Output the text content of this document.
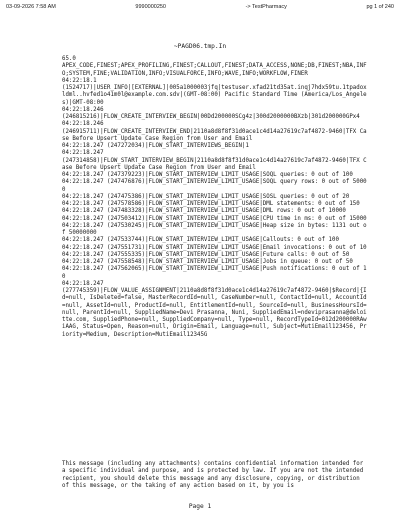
03-09-2026 7:58 AM	9990000250	-> TestPharmacy	pg 1 of 240
~PAGD06.tmp.In

65.0

APEX_CODE,FINEST;APEX_PROFILING,FINEST;CALLOUT,FINEST;DATA_ACCESS,NONE;DB,FINEST;NBA,INFO;SYSTEM,FINE;VALIDATION,INFO;VISUALFORCE,INFO;WAVE,INFO;WORKFLOW,FINER

04:22:18.1

(1524717)|USER_INFO|[EXTERNAL]|005a1000003jfq|testuser.xfad21td35at.inqj7hdx59tu.1tpadoxldml..hvfed1o41m0l@example.com.sdv|(GMT-08:00) Pacific Standard Time (America/Los_Angeles)|GMT-08:00

04:22:18.246

(246815216)|FLOW_CREATE_INTERVIEW_BEGIN|00Dd200000SCg4z|300d2000000BXzb|301d200000GPx4

04:22:18.246

(246915711)|FLOW_CREATE_INTERVIEW_END|2110a8d8f8f31d0ace1c4d14a27619c7af4872-9460|TFX Case Before Upsert Update Case Region from User and Email

04:22:18.247 (247272034)|FLOW_START_INTERVIEWS_BEGIN|1

04:22:18.247

(247314858)|FLOW_START_INTERVIEW_BEGIN|2110a8d8f8f31d0ace1c4d14a27619c7af4872-9460|TFX Case Before Upsert Update Case Region from User and Email

04:22:18.247 (247379223)|FLOW_START_INTERVIEW_LIMIT_USAGE|SOQL queries: 0 out of 100

04:22:18.247 (247476876)|FLOW_START_INTERVIEW_LIMIT_USAGE|SOQL query rows: 0 out of 50000

04:22:18.247 (247475386)|FLOW_START_INTERVIEW_LIMIT_USAGE|SOSL queries: 0 out of 20

04:22:18.247 (247578586)|FLOW_START_INTERVIEW_LIMIT_USAGE|DML statements: 0 out of 150

04:22:18.247 (247483328)|FLOW_START_INTERVIEW_LIMIT_USAGE|DML rows: 0 out of 10000

04:22:18.247 (247503412)|FLOW_START_INTERVIEW_LIMIT_USAGE|CPU time in ms: 0 out of 15000

04:22:18.247 (247530245)|FLOW_START_INTERVIEW_LIMIT_USAGE|Heap size in bytes: 1131 out of 50000000

04:22:18.247 (247533744)|FLOW_START_INTERVIEW_LIMIT_USAGE|Callouts: 0 out of 100

04:22:18.247 (247551731)|FLOW_START_INTERVIEW_LIMIT_USAGE|Email invocations: 0 out of 10

04:22:18.247 (247555335)|FLOW_START_INTERVIEW_LIMIT_USAGE|Future calls: 0 out of 50

04:22:18.247 (247558548)|FLOW_START_INTERVIEW_LIMIT_USAGE|Jobs in queue: 0 out of 50

04:22:18.247 (247562065)|FLOW_START_INTERVIEW_LIMIT_USAGE|Push notifications: 0 out of 10

04:22:18.247

(277745359)|FLOW_VALUE_ASSIGNMENT|2110a8d8f8f31d0ace1c4d14a27619c7af4872-9460|$Record|{Id=null, IsDeleted=false, MasterRecordId=null, CaseNumber=null, ContactId=null, AccountId=null, AssetId=null, ProductId=null, EntitlementId=null, SourceId=null, BusinessHoursId=null, ParentId=null, SuppliedName=Devi Prasanna, Nuni, SuppliedEmail=ndeviprasanna@deloitte.com, SuppliedPhone=null, SuppliedCompany=null, Type=null, RecordTypeId=012d200000RAwiAAG, Status=Open, Reason=null, Origin=Email, Language=null, Subject=MutiEmail123456, Priority=Medium, Description=MutiEmail12345G

This message (including any attachments) contains confidential information intended for a specific individual and purpose, and is protected by law. If you are not the intended recipient, you should delete this message and any disclosure, copying, or distribution of this message, or the taking of any action based on it, by you is
Page 1
